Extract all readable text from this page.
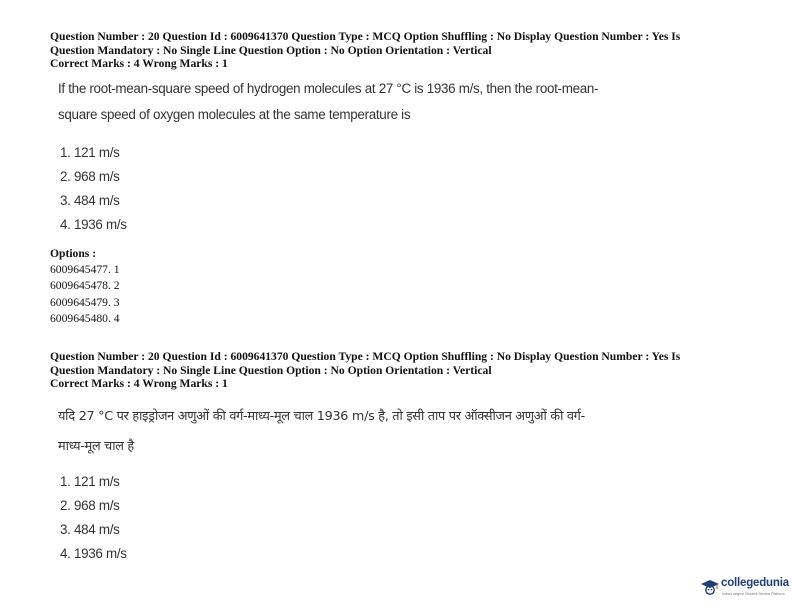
Question Number : 20 Question Id : 6009641370 Question Type : MCQ Option Shuffling : No Display Question Number : Yes Is
Question Mandatory : No Single Line Question Option : No Option Orientation : Vertical
Correct Marks : 4 Wrong Marks : 1
If the root-mean-square speed of hydrogen molecules at 27 °C is 1936 m/s, then the root-mean-
square speed of oxygen molecules at the same temperature is
1. 121 m/s
2. 968 m/s
3. 484 m/s
4. 1936 m/s
Options :
6009645477. 1
6009645478. 2
6009645479. 3
6009645480. 4
Question Number : 20 Question Id : 6009641370 Question Type : MCQ Option Shuffling : No Display Question Number : Yes Is
Question Mandatory : No Single Line Question Option : No Option Orientation : Vertical
Correct Marks : 4 Wrong Marks : 1
यदि 27 °C पर हाइड्रोजन अणुओं की वर्ग-माध्य-मूल चाल 1936 m/s है, तो इसी ताप पर ऑक्सीजन अणुओं की वर्ग-
माध्य-मूल चाल है
1. 121 m/s
2. 968 m/s
3. 484 m/s
4. 1936 m/s
collegedunia
India's largest Student Review Platform
